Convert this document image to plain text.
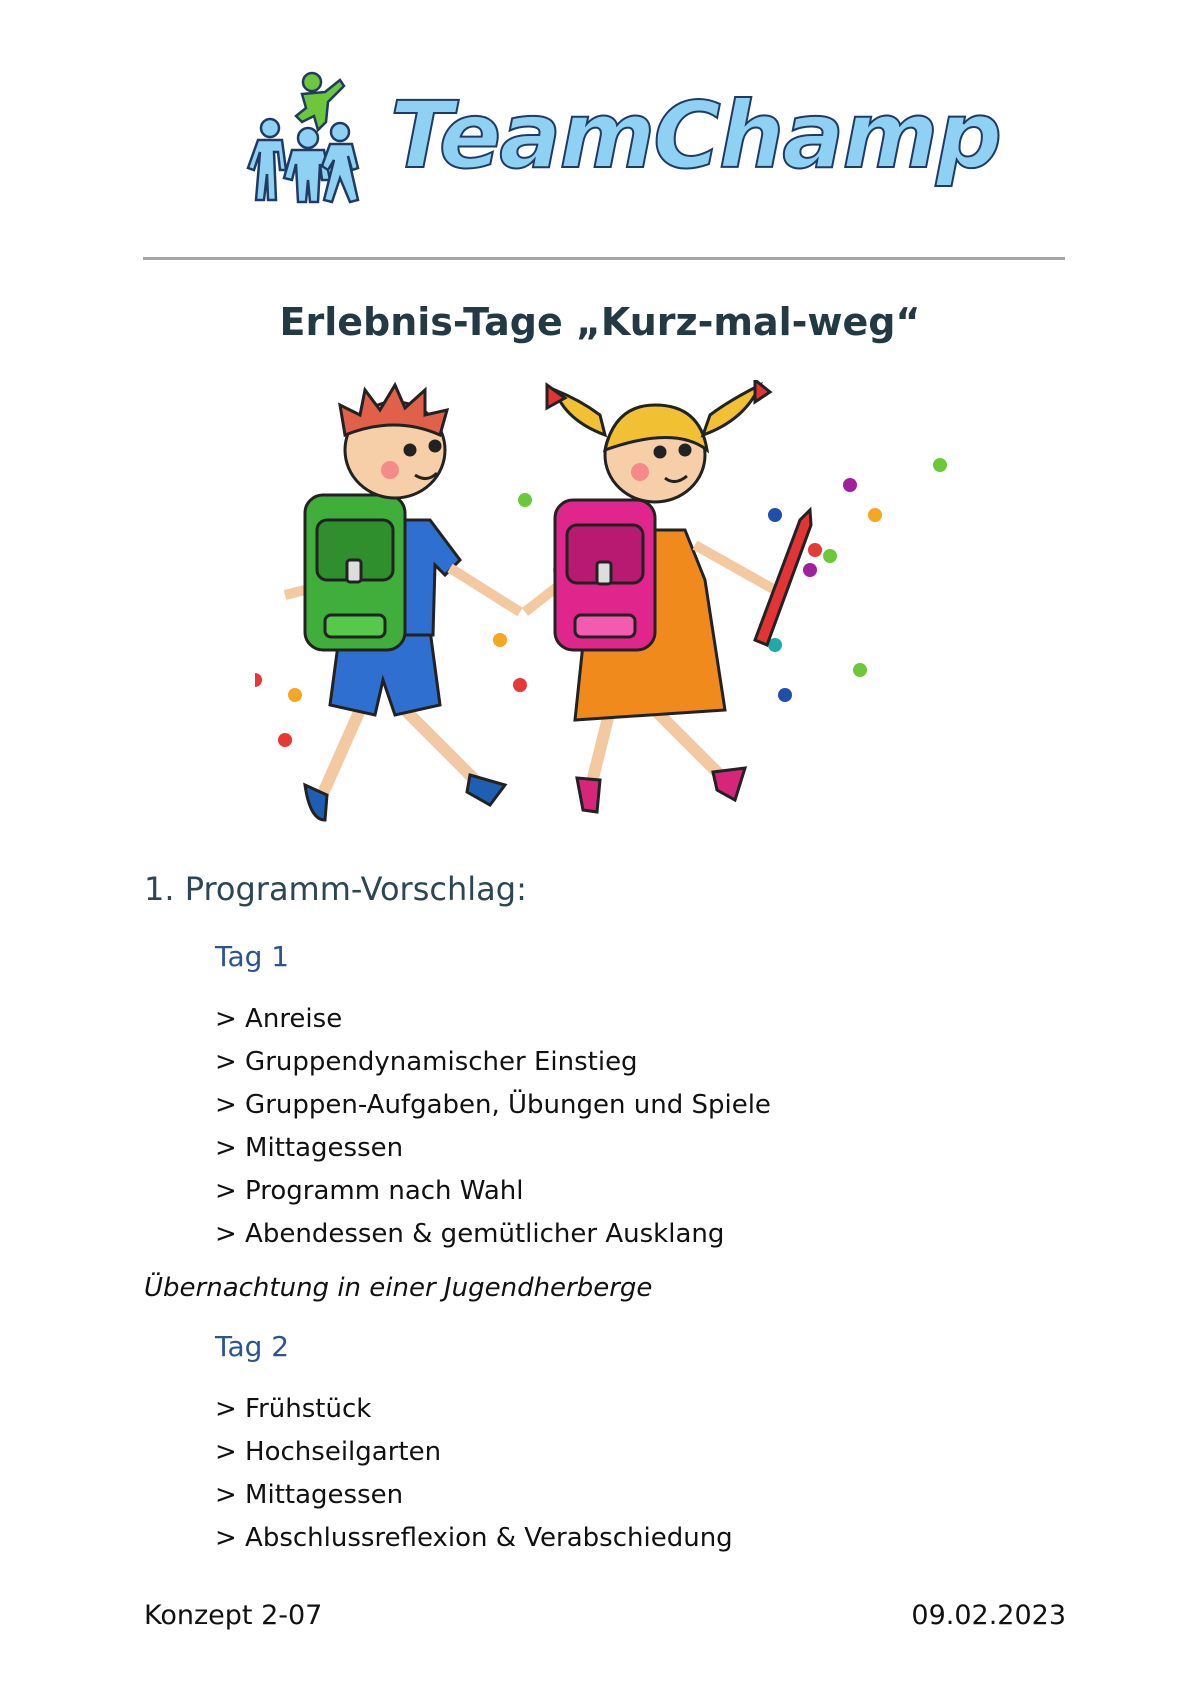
TeamChamp
Erlebnis-Tage „Kurz-mal-weg“
1. Programm-Vorschlag:
Tag 1
> Anreise
> Gruppendynamischer Einstieg
> Gruppen-Aufgaben, Übungen und Spiele
> Mittagessen
> Programm nach Wahl
> Abendessen & gemütlicher Ausklang
Übernachtung in einer Jugendherberge
Tag 2
> Frühstück
> Hochseilgarten
> Mittagessen
> Abschlussreflexion & Verabschiedung
Konzept 2-07	09.02.2023
